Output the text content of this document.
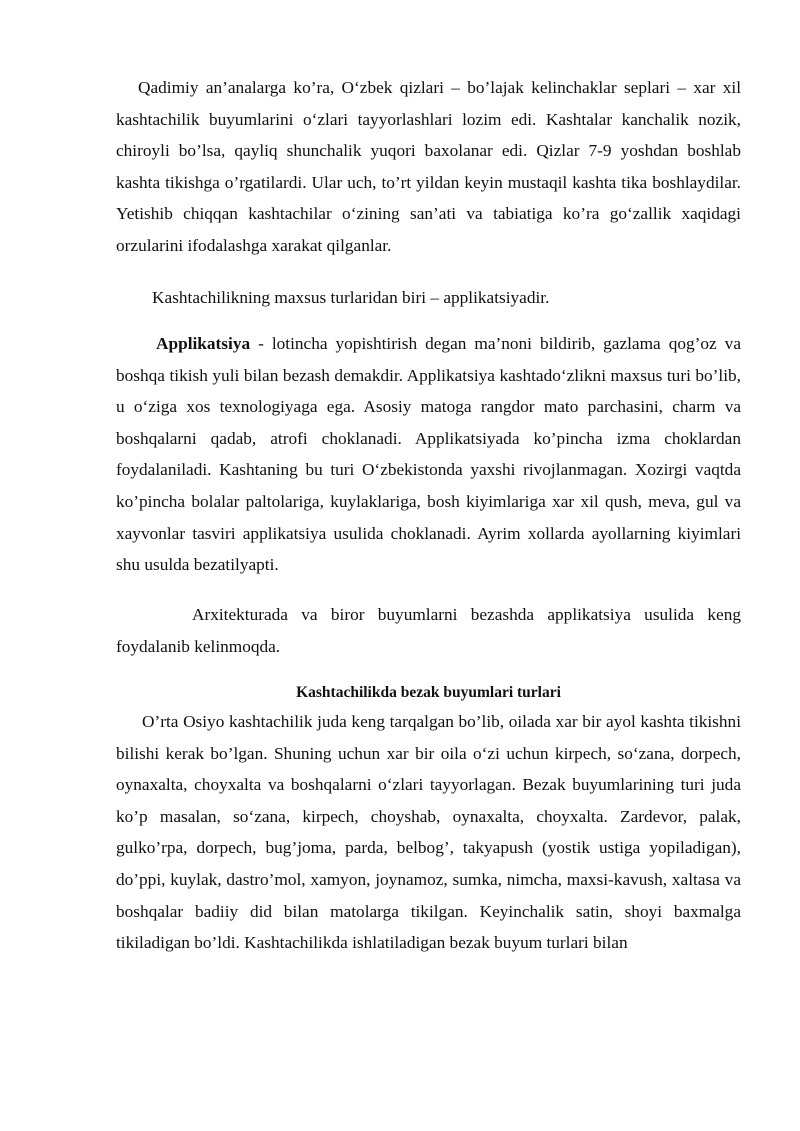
Qadimiy an’analarga ko’ra, O‘zbek qizlari – bo’lajak kelinchaklar seplari – xar xil kashtachilik buyumlarini o‘zlari tayyorlashlari lozim edi. Kashtalar kanchalik nozik, chiroyli bo’lsa, qayliq shunchalik yuqori baxolanar edi. Qizlar 7-9 yoshdan boshlab kashta tikishga o’rgatilardi. Ular uch, to’rt yildan keyin mustaqil kashta tika boshlaydilar. Yetishib chiqqan kashtachilar o‘zining san’ati va tabiatiga ko’ra go‘zallik xaqidagi orzularini ifodalashga xarakat qilganlar.

Kashtachilikning maxsus turlaridan biri – applikatsiyadir.

Applikatsiya - lotincha yopishtirish degan ma’noni bildirib, gazlama qog’oz va boshqa tikish yuli bilan bezash demakdir. Applikatsiya kashtado‘zlikni maxsus turi bo’lib, u o‘ziga xos texnologiyaga ega. Asosiy matoga rangdor mato parchasini, charm va boshqalarni qadab, atrofi choklanadi. Applikatsiyada ko’pincha izma choklardan foydalaniladi. Kashtaning bu turi O‘zbekistonda yaxshi rivojlanmagan. Xozirgi vaqtda ko’pincha bolalar paltolariga, kuylaklariga, bosh kiyimlariga xar xil qush, meva, gul va xayvonlar tasviri applikatsiya usulida choklanadi. Ayrim xollarda ayollarning kiyimlari shu usulda bezatilyapti.

Arxitekturada va biror buyumlarni bezashda applikatsiya usulida keng foydalanib kelinmoqda.

Kashtachilikda bezak buyumlari turlari

O’rta Osiyo kashtachilik juda keng tarqalgan bo’lib, oilada xar bir ayol kashta tikishni bilishi kerak bo’lgan. Shuning uchun xar bir oila o‘zi uchun kirpech, so‘zana, dorpech, oynaxalta, choyxalta va boshqalarni o‘zlari tayyorlagan. Bezak buyumlarining turi juda ko’p masalan, so‘zana, kirpech, choyshab, oynaxalta, choyxalta. Zardevor, palak, gulko’rpa, dorpech, bug’joma, parda, belbog’, takyapush (yostik ustiga yopiladigan), do’ppi, kuylak, dastro’mol, xamyon, joynamoz, sumka, nimcha, maxsi-kavush, xaltasa va boshqalar badiiy did bilan matolarga tikilgan. Keyinchalik satin, shoyi baxmalga tikiladigan bo’ldi. Kashtachilikda ishlatiladigan bezak buyum turlari bilan
